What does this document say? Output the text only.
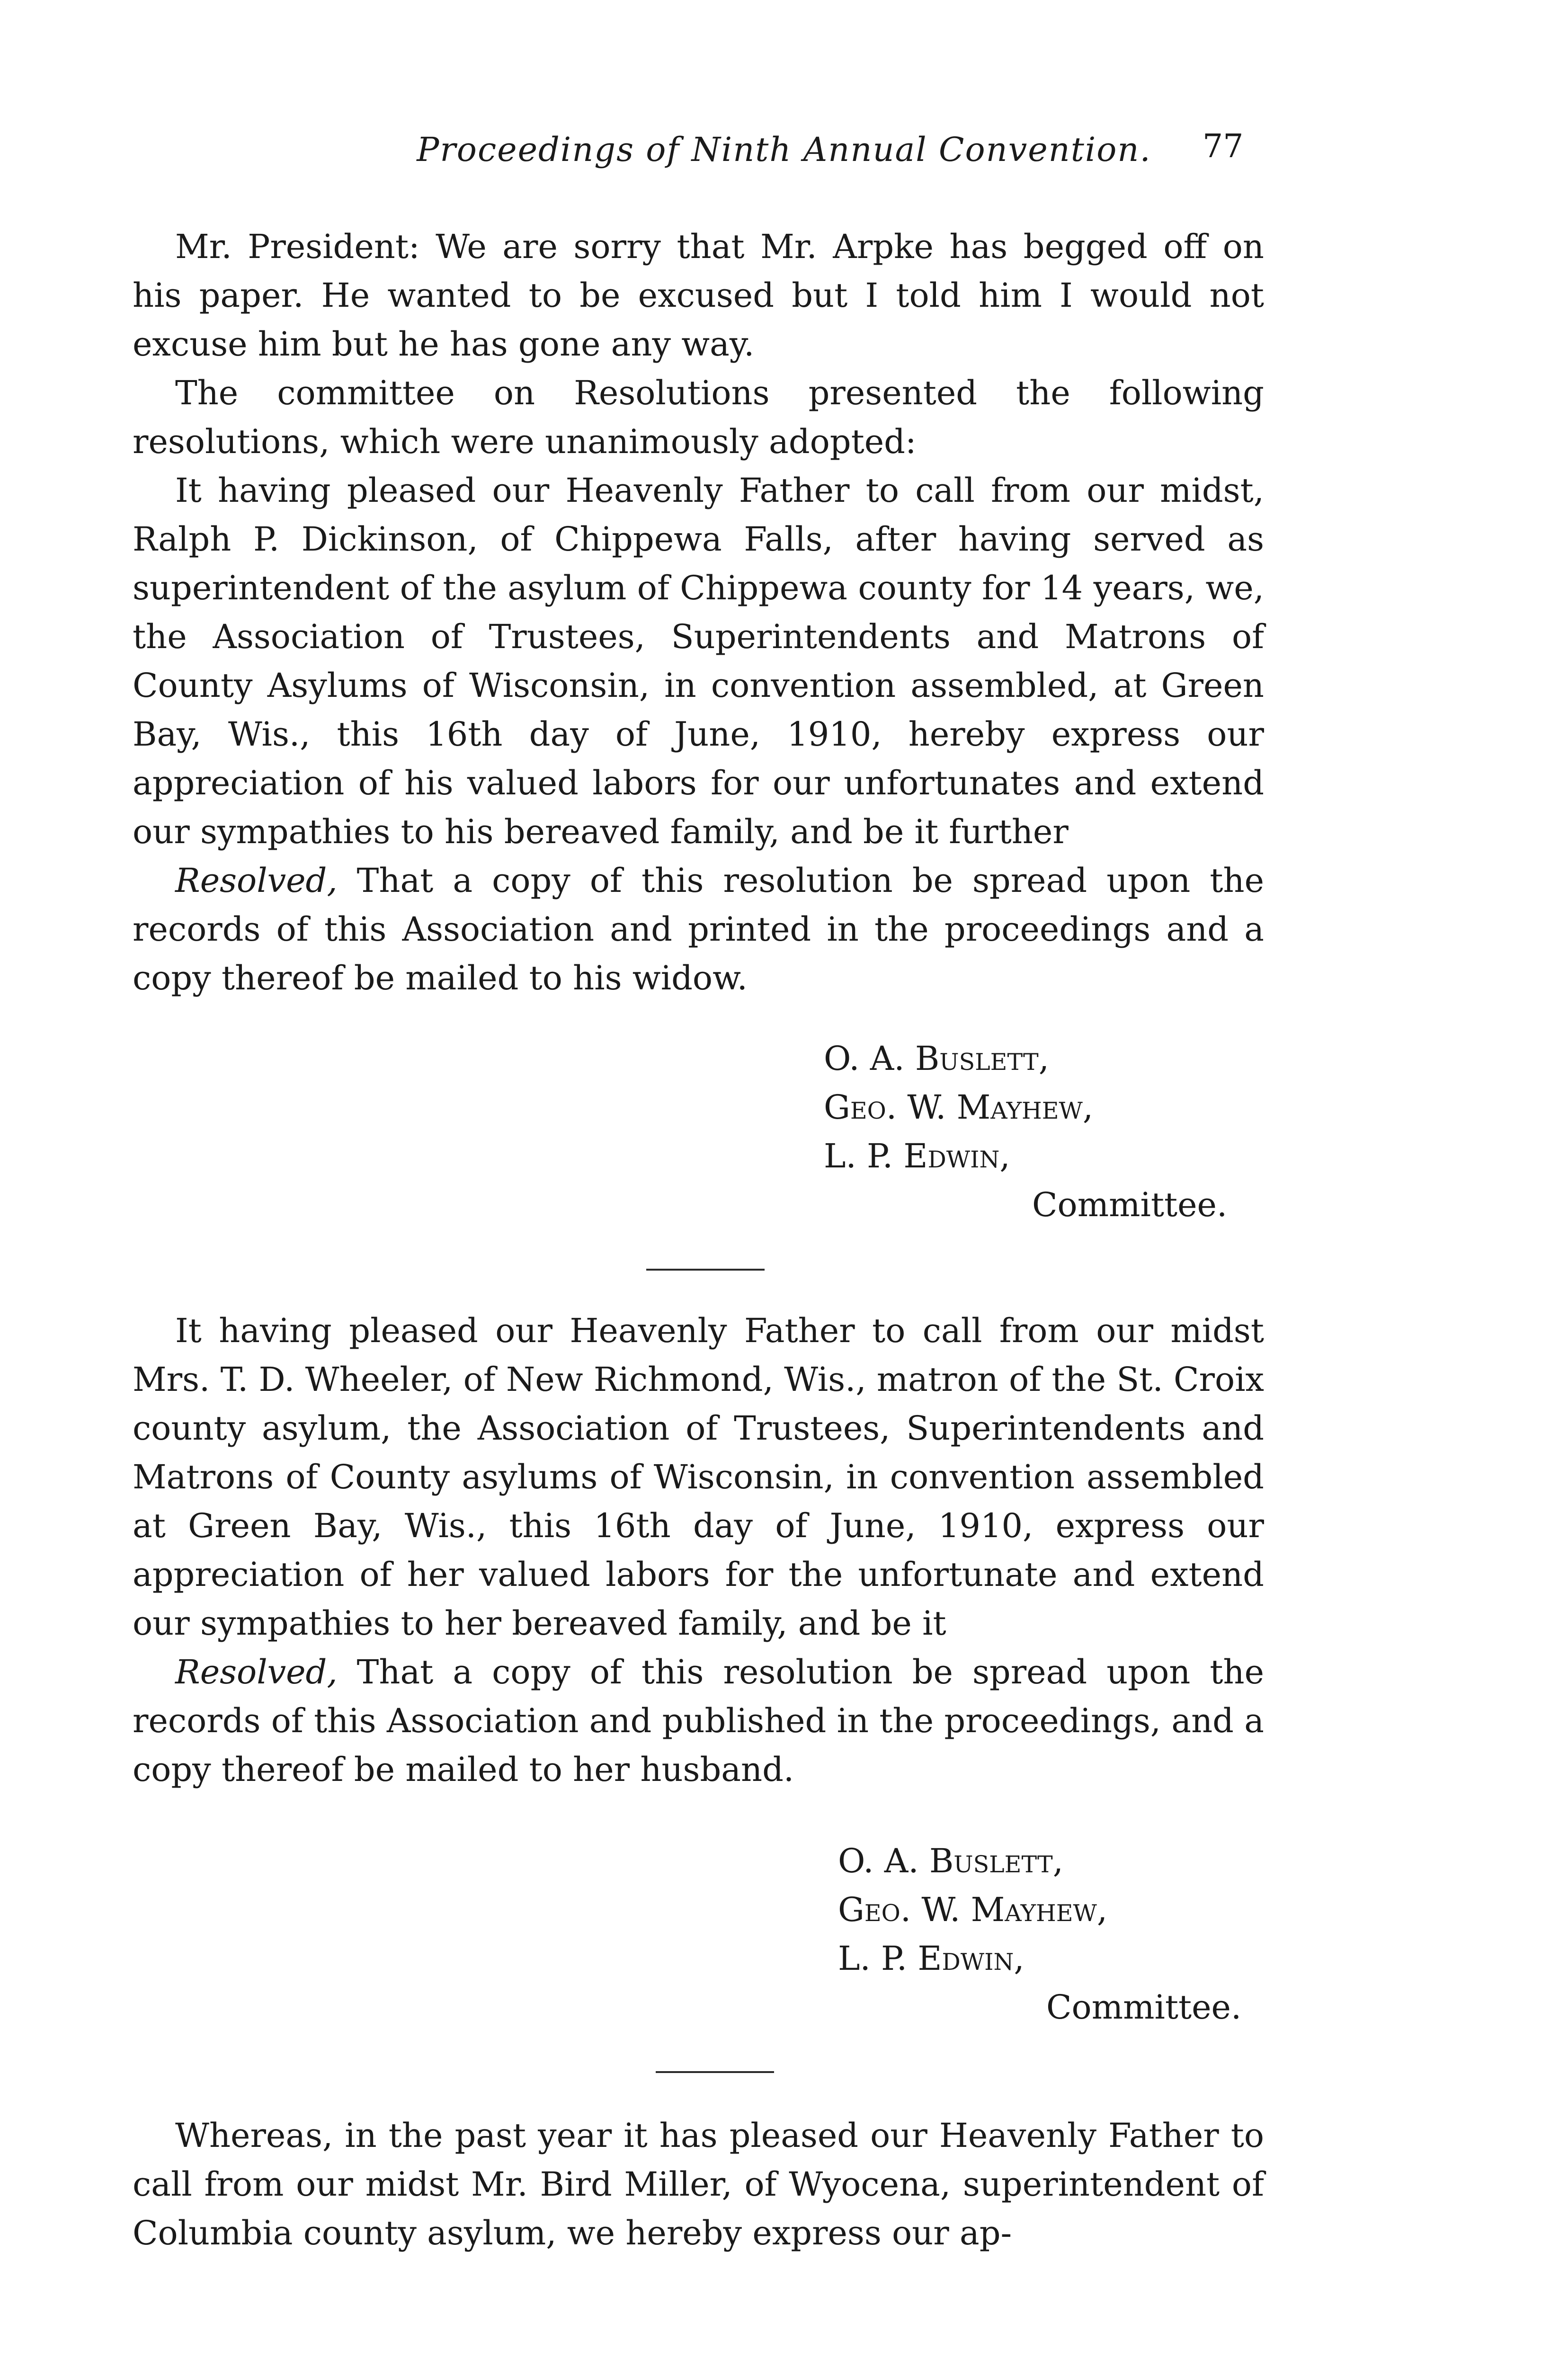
Proceedings of Ninth Annual Convention.	77

Mr. President: We are sorry that Mr. Arpke has begged off on his paper. He wanted to be excused but I told him I would not excuse him but he has gone any way.

The committee on Resolutions presented the following resolutions, which were unanimously adopted:

It having pleased our Heavenly Father to call from our midst, Ralph P. Dickinson, of Chippewa Falls, after having served as superintendent of the asylum of Chippewa county for 14 years, we, the Association of Trustees, Superintendents and Matrons of County Asylums of Wisconsin, in convention assembled, at Green Bay, Wis., this 16th day of June, 1910, hereby express our appreciation of his valued labors for our unfortunates and extend our sympathies to his bereaved family, and be it further

Resolved, That a copy of this resolution be spread upon the records of this Association and printed in the proceedings and a copy thereof be mailed to his widow.

O. A. Buslett,
Geo. W. Mayhew,
L. P. Edwin,
Committee.

It having pleased our Heavenly Father to call from our midst Mrs. T. D. Wheeler, of New Richmond, Wis., matron of the St. Croix county asylum, the Association of Trustees, Superintendents and Matrons of County asylums of Wisconsin, in convention assembled at Green Bay, Wis., this 16th day of June, 1910, express our appreciation of her valued labors for the unfortunate and extend our sympathies to her bereaved family, and be it

Resolved, That a copy of this resolution be spread upon the records of this Association and published in the proceedings, and a copy thereof be mailed to her husband.

O. A. Buslett,
Geo. W. Mayhew,
L. P. Edwin,
Committee.

Whereas, in the past year it has pleased our Heavenly Father to call from our midst Mr. Bird Miller, of Wyocena, superintendent of Columbia county asylum, we hereby express our ap-
